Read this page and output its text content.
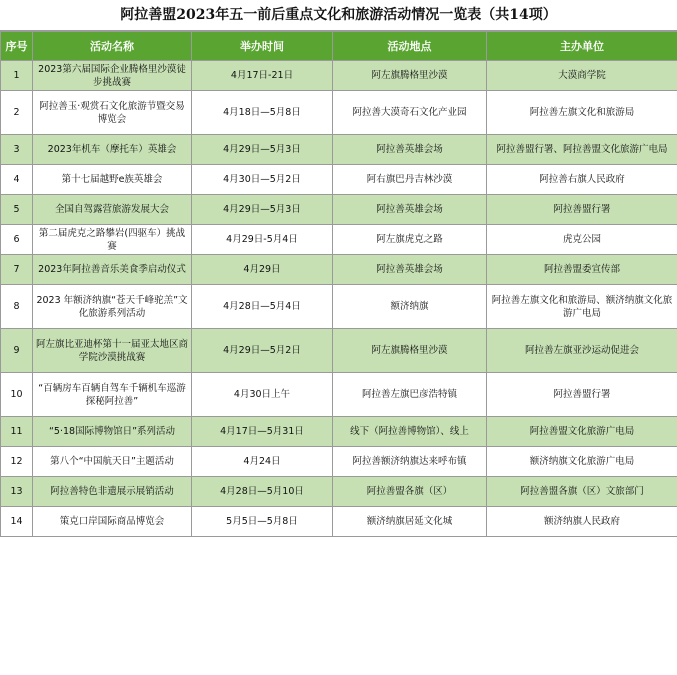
阿拉善盟2023年五一前后重点文化和旅游活动情况一览表（共14项）
序号	活动名称	举办时间	活动地点	主办单位
1	2023第六届国际企业腾格里沙漠徒步挑战赛	4月17日-21日	阿左旗腾格里沙漠	大漠商学院
2	阿拉善玉·观赏石文化旅游节暨交易博览会	4月18日—5月8日	阿拉善大漠奇石文化产业园	阿拉善左旗文化和旅游局
3	2023年机车（摩托车）英雄会	4月29日—5月3日	阿拉善英雄会场	阿拉善盟行署、阿拉善盟文化旅游广电局
4	第十七届越野e族英雄会	4月30日—5月2日	阿右旗巴丹吉林沙漠	阿拉善右旗人民政府
5	全国自驾露营旅游发展大会	4月29日—5月3日	阿拉善英雄会场	阿拉善盟行署
6	第二届虎克之路攀岩(四驱车）挑战赛	4月29日-5月4日	阿左旗虎克之路	虎克公园
7	2023年阿拉善音乐美食季启动仪式	4月29日	阿拉善英雄会场	阿拉善盟委宣传部
8	2023 年额济纳旗“苍天千峰驼羔”文化旅游系列活动	4月28日—5月4日	额济纳旗	阿拉善左旗文化和旅游局、额济纳旗文化旅游广电局
9	阿左旗比亚迪杯第十一届亚太地区商学院沙漠挑战赛	4月29日—5月2日	阿左旗腾格里沙漠	阿拉善左旗亚沙运动促进会
10	“百辆房车百辆自驾车千辆机车巡游探秘阿拉善”	4月30日上午	阿拉善左旗巴彦浩特镇	阿拉善盟行署
11	“5·18国际博物馆日”系列活动	4月17日—5月31日	线下（阿拉善博物馆）、线上	阿拉善盟文化旅游广电局
12	第八个“中国航天日”主题活动	4月24日	阿拉善额济纳旗达来呼布镇	额济纳旗文化旅游广电局
13	阿拉善特色非遗展示展销活动	4月28日—5月10日	阿拉善盟各旗（区）	阿拉善盟各旗（区）文旅部门
14	策克口岸国际商品博览会	5月5日—5月8日	额济纳旗居延文化城	额济纳旗人民政府
